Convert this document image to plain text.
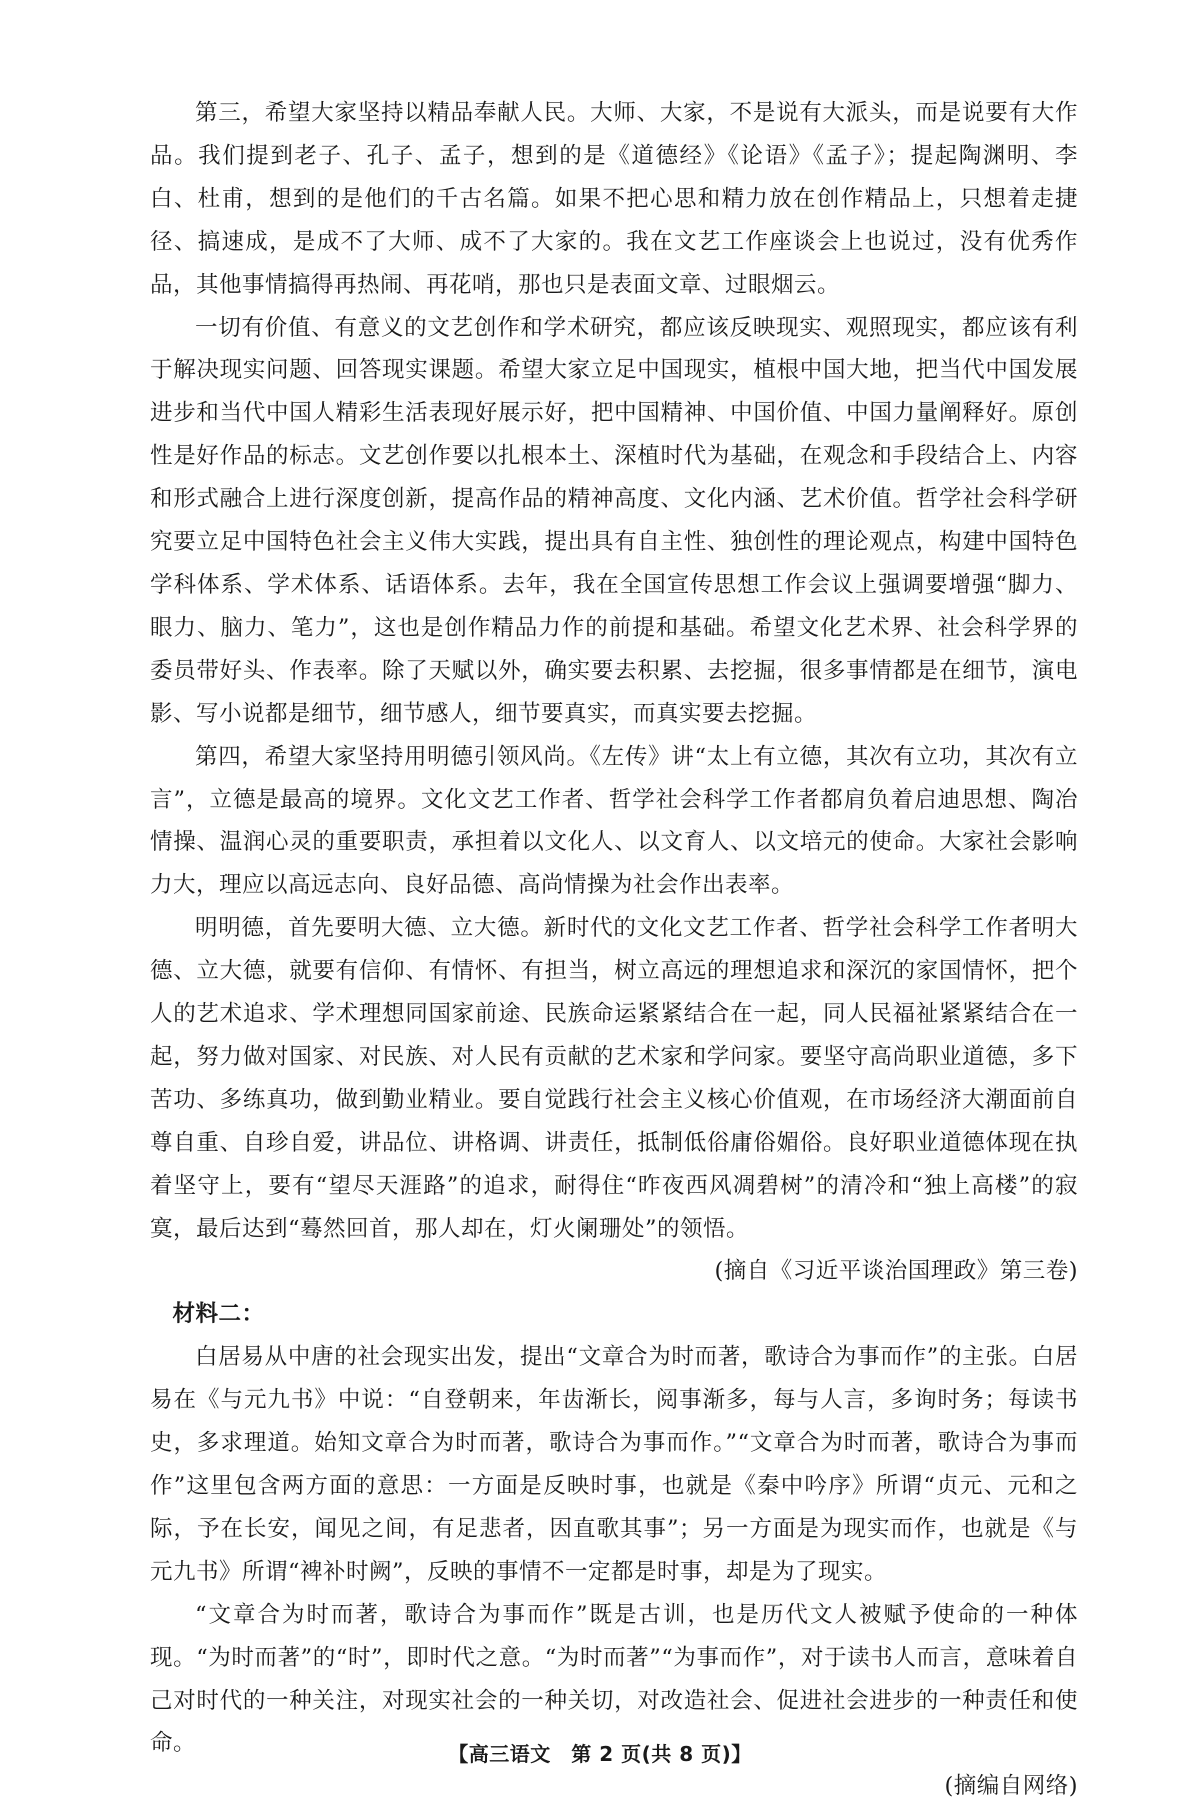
第三，希望大家坚持以精品奉献人民。大师、大家，不是说有大派头，而是说要有大作品。我们提到老子、孔子、孟子，想到的是《道德经》《论语》《孟子》；提起陶渊明、李白、杜甫，想到的是他们的千古名篇。如果不把心思和精力放在创作精品上，只想着走捷径、搞速成，是成不了大师、成不了大家的。我在文艺工作座谈会上也说过，没有优秀作品，其他事情搞得再热闹、再花哨，那也只是表面文章、过眼烟云。

一切有价值、有意义的文艺创作和学术研究，都应该反映现实、观照现实，都应该有利于解决现实问题、回答现实课题。希望大家立足中国现实，植根中国大地，把当代中国发展进步和当代中国人精彩生活表现好展示好，把中国精神、中国价值、中国力量阐释好。原创性是好作品的标志。文艺创作要以扎根本土、深植时代为基础，在观念和手段结合上、内容和形式融合上进行深度创新，提高作品的精神高度、文化内涵、艺术价值。哲学社会科学研究要立足中国特色社会主义伟大实践，提出具有自主性、独创性的理论观点，构建中国特色学科体系、学术体系、话语体系。去年，我在全国宣传思想工作会议上强调要增强“脚力、眼力、脑力、笔力”，这也是创作精品力作的前提和基础。希望文化艺术界、社会科学界的委员带好头、作表率。除了天赋以外，确实要去积累、去挖掘，很多事情都是在细节，演电影、写小说都是细节，细节感人，细节要真实，而真实要去挖掘。

第四，希望大家坚持用明德引领风尚。《左传》讲“太上有立德，其次有立功，其次有立言”，立德是最高的境界。文化文艺工作者、哲学社会科学工作者都肩负着启迪思想、陶冶情操、温润心灵的重要职责，承担着以文化人、以文育人、以文培元的使命。大家社会影响力大，理应以高远志向、良好品德、高尚情操为社会作出表率。

明明德，首先要明大德、立大德。新时代的文化文艺工作者、哲学社会科学工作者明大德、立大德，就要有信仰、有情怀、有担当，树立高远的理想追求和深沉的家国情怀，把个人的艺术追求、学术理想同国家前途、民族命运紧紧结合在一起，同人民福祉紧紧结合在一起，努力做对国家、对民族、对人民有贡献的艺术家和学问家。要坚守高尚职业道德，多下苦功、多练真功，做到勤业精业。要自觉践行社会主义核心价值观，在市场经济大潮面前自尊自重、自珍自爱，讲品位、讲格调、讲责任，抵制低俗庸俗媚俗。良好职业道德体现在执着坚守上，要有“望尽天涯路”的追求，耐得住“昨夜西风凋碧树”的清冷和“独上高楼”的寂寞，最后达到“蓦然回首，那人却在，灯火阑珊处”的领悟。

(摘自《习近平谈治国理政》第三卷)

材料二：

白居易从中唐的社会现实出发，提出“文章合为时而著，歌诗合为事而作”的主张。白居易在《与元九书》中说：“自登朝来，年齿渐长，阅事渐多，每与人言，多询时务；每读书史，多求理道。始知文章合为时而著，歌诗合为事而作。”“文章合为时而著，歌诗合为事而作”这里包含两方面的意思：一方面是反映时事，也就是《秦中吟序》所谓“贞元、元和之际，予在长安，闻见之间，有足悲者，因直歌其事”；另一方面是为现实而作，也就是《与元九书》所谓“裨补时阙”，反映的事情不一定都是时事，却是为了现实。

“文章合为时而著，歌诗合为事而作”既是古训，也是历代文人被赋予使命的一种体现。“为时而著”的“时”，即时代之意。“为时而著”“为事而作”，对于读书人而言，意味着自己对时代的一种关注，对现实社会的一种关切，对改造社会、促进社会进步的一种责任和使命。

(摘编自网络)

【高三语文　第 2 页(共 8 页)】
